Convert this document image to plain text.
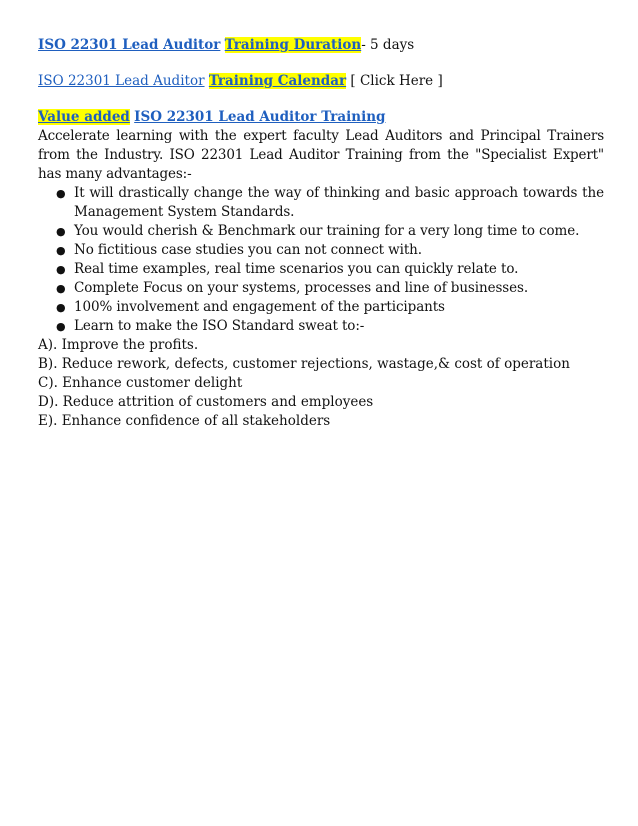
ISO 22301 Lead Auditor Training Duration- 5 days
ISO 22301 Lead Auditor Training Calendar [ Click Here ]
Value added ISO 22301 Lead Auditor Training
Accelerate learning with the expert faculty Lead Auditors and Principal Trainers from the Industry. ISO 22301 Lead Auditor Training from the "Specialist Expert" has many advantages:-
● It will drastically change the way of thinking and basic approach towards the Management System Standards.
● You would cherish & Benchmark our training for a very long time to come.
● No fictitious case studies you can not connect with.
● Real time examples, real time scenarios you can quickly relate to.
● Complete Focus on your systems, processes and line of businesses.
● 100% involvement and engagement of the participants
● Learn to make the ISO Standard sweat to:-
A). Improve the profits.
B). Reduce rework, defects, customer rejections, wastage,& cost of operation
C). Enhance customer delight
D). Reduce attrition of customers and employees
E). Enhance confidence of all stakeholders
